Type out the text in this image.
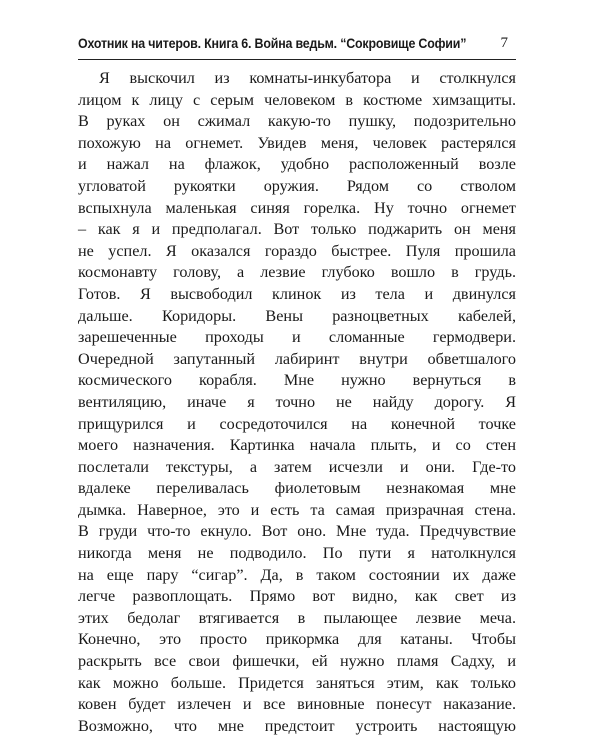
Охотник на читеров. Книга 6. Война ведьм. “Сокровище Софии” 7
Я выскочил из комнаты-инкубатора и столкнулся
лицом к лицу с серым человеком в костюме химзащиты.
В руках он сжимал какую-то пушку, подозрительно
похожую на огнемет. Увидев меня, человек растерялся
и нажал на флажок, удобно расположенный возле
угловатой рукоятки оружия. Рядом со стволом
вспыхнула маленькая синяя горелка. Ну точно огнемет
– как я и предполагал. Вот только поджарить он меня
не успел. Я оказался гораздо быстрее. Пуля прошила
космонавту голову, а лезвие глубоко вошло в грудь.
Готов. Я высвободил клинок из тела и двинулся
дальше. Коридоры. Вены разноцветных кабелей,
зарешеченные проходы и сломанные гермодвери.
Очередной запутанный лабиринт внутри обветшалого
космического корабля. Мне нужно вернуться в
вентиляцию, иначе я точно не найду дорогу. Я
прищурился и сосредоточился на конечной точке
моего назначения. Картинка начала плыть, и со стен
послетали текстуры, а затем исчезли и они. Где-то
вдалеке переливалась фиолетовым незнакомая мне
дымка. Наверное, это и есть та самая призрачная стена.
В груди что-то екнуло. Вот оно. Мне туда. Предчувствие
никогда меня не подводило. По пути я натолкнулся
на еще пару “сигар”. Да, в таком состоянии их даже
легче развоплощать. Прямо вот видно, как свет из
этих бедолаг втягивается в пылающее лезвие меча.
Конечно, это просто прикормка для катаны. Чтобы
раскрыть все свои фишечки, ей нужно пламя Садху, и
как можно больше. Придется заняться этим, как только
ковен будет излечен и все виновные понесут наказание.
Возможно, что мне предстоит устроить настоящую
